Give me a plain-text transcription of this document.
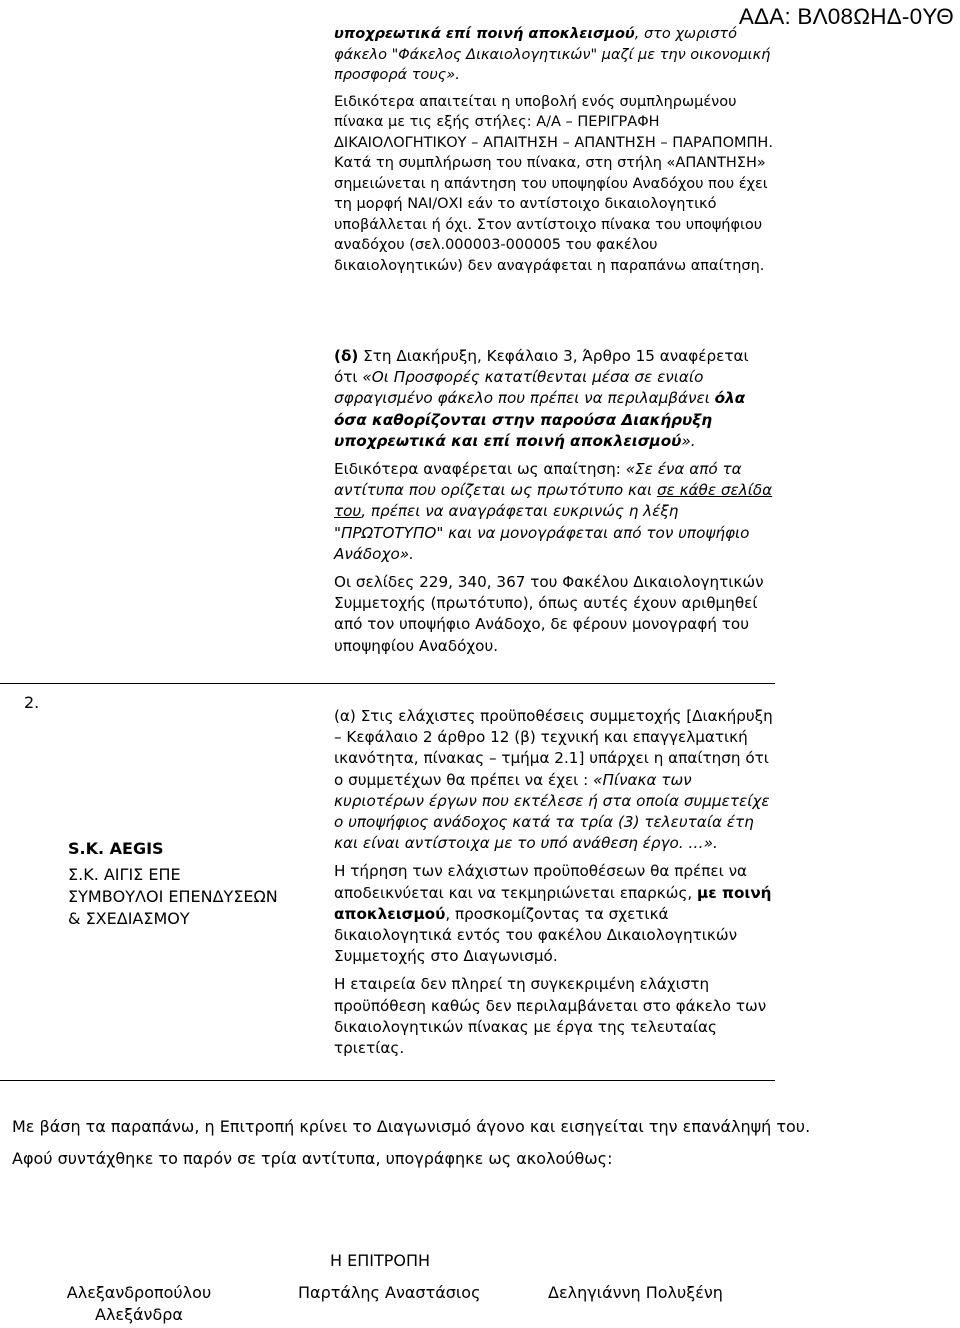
ΑΔΑ: ΒΛ08ΩΗΔ-0ΥΘ

υποχρεωτικά επί ποινή αποκλεισμού, στο χωριστό φάκελο "Φάκελος Δικαιολογητικών" μαζί με την οικονομική προσφορά τους».

Ειδικότερα απαιτείται η υποβολή ενός συμπληρωμένου πίνακα με τις εξής στήλες: Α/Α – ΠΕΡΙΓΡΑΦΗ ΔΙΚΑΙΟΛΟΓΗΤΙΚΟΥ – ΑΠΑΙΤΗΣΗ – ΑΠΑΝΤΗΣΗ – ΠΑΡΑΠΟΜΠΗ. Κατά τη συμπλήρωση του πίνακα, στη στήλη «ΑΠΑΝΤΗΣΗ» σημειώνεται η απάντηση του υποψηφίου Αναδόχου που έχει τη μορφή ΝΑΙ/ΟΧΙ εάν το αντίστοιχο δικαιολογητικό υποβάλλεται ή όχι. Στον αντίστοιχο πίνακα του υποψήφιου αναδόχου (σελ.000003-000005 του φακέλου δικαιολογητικών) δεν αναγράφεται η παραπάνω απαίτηση.

(δ) Στη Διακήρυξη, Κεφάλαιο 3, Άρθρο 15 αναφέρεται ότι «Οι Προσφορές κατατίθενται μέσα σε ενιαίο σφραγισμένο φάκελο που πρέπει να περιλαμβάνει όλα όσα καθορίζονται στην παρούσα Διακήρυξη υποχρεωτικά και επί ποινή αποκλεισμού».

Ειδικότερα αναφέρεται ως απαίτηση: «Σε ένα από τα αντίτυπα που ορίζεται ως πρωτότυπο και σε κάθε σελίδα του, πρέπει να αναγράφεται ευκρινώς η λέξη "ΠΡΩΤΟΤΥΠΟ" και να μονογράφεται από τον υποψήφιο Ανάδοχο».

Οι σελίδες 229, 340, 367 του Φακέλου Δικαιολογητικών Συμμετοχής (πρωτότυπο), όπως αυτές έχουν αριθμηθεί από τον υποψήφιο Ανάδοχο, δε φέρουν μονογραφή του υποψηφίου Αναδόχου.

2.
S.K. AEGIS
Σ.Κ. ΑΙΓΙΣ ΕΠΕ
ΣΥΜΒΟΥΛΟΙ ΕΠΕΝΔΥΣΕΩΝ
& ΣΧΕΔΙΑΣΜΟΥ

(α) Στις ελάχιστες προϋποθέσεις συμμετοχής [Διακήρυξη – Κεφάλαιο 2 άρθρο 12 (β) τεχνική και επαγγελματική ικανότητα, πίνακας – τμήμα 2.1] υπάρχει η απαίτηση ότι ο συμμετέχων θα πρέπει να έχει : «Πίνακα των κυριοτέρων έργων που εκτέλεσε ή στα οποία συμμετείχε ο υποψήφιος ανάδοχος κατά τα τρία (3) τελευταία έτη και είναι αντίστοιχα με το υπό ανάθεση έργο. …».

Η τήρηση των ελάχιστων προϋποθέσεων θα πρέπει να αποδεικνύεται και να τεκμηριώνεται επαρκώς, με ποινή αποκλεισμού, προσκομίζοντας τα σχετικά δικαιολογητικά εντός του φακέλου Δικαιολογητικών Συμμετοχής στο Διαγωνισμό.

Η εταιρεία δεν πληρεί τη συγκεκριμένη ελάχιστη προϋπόθεση καθώς δεν περιλαμβάνεται στο φάκελο των δικαιολογητικών πίνακας με έργα της τελευταίας τριετίας.

Με βάση τα παραπάνω, η Επιτροπή κρίνει το Διαγωνισμό άγονο και εισηγείται την επανάληψή του.

Αφού συντάχθηκε το παρόν σε τρία αντίτυπα, υπογράφηκε ως ακολούθως:

Η ΕΠΙΤΡΟΠΗ
Αλεξανδροπούλου
Αλεξάνδρα
Παρτάλης Αναστάσιος	Δεληγιάννη Πολυξένη
